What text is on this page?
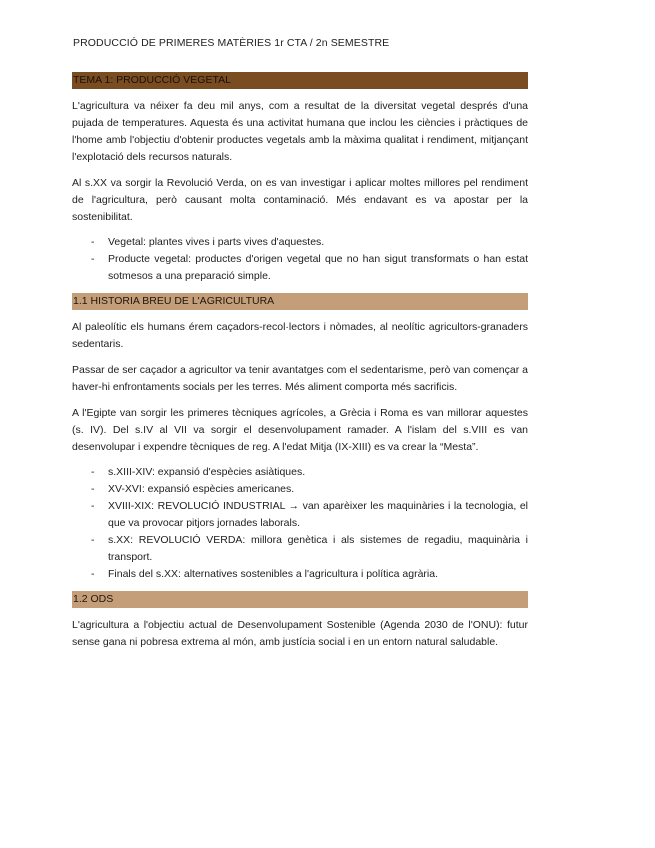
PRODUCCIÓ DE PRIMERES MATÈRIES 1r CTA / 2n SEMESTRE
TEMA 1: PRODUCCIÓ VEGETAL

L'agricultura va néixer fa deu mil anys, com a resultat de la diversitat vegetal després d'una pujada de temperatures. Aquesta és una activitat humana que inclou les ciències i pràctiques de l'home amb l'objectiu d'obtenir productes vegetals amb la màxima qualitat i rendiment, mitjançant l'explotació dels recursos naturals.

Al s.XX va sorgir la Revolució Verda, on es van investigar i aplicar moltes millores pel rendiment de l'agricultura, però causant molta contaminació. Més endavant es va apostar per la sostenibilitat.

- Vegetal: plantes vives i parts vives d'aquestes.
- Producte vegetal: productes d'origen vegetal que no han sigut transformats o han estat sotmesos a una preparació simple.
1.1 HISTORIA BREU DE L'AGRICULTURA

Al paleolític els humans érem caçadors-recol·lectors i nòmades, al neolític agricultors-granaders sedentaris.

Passar de ser caçador a agricultor va tenir avantatges com el sedentarisme, però van començar a haver-hi enfrontaments socials per les terres. Més aliment comporta més sacrificis.

A l'Egipte van sorgir les primeres tècniques agrícoles, a Grècia i Roma es van millorar aquestes (s. IV). Del s.IV al VII va sorgir el desenvolupament ramader. A l'islam del s.VIII es van desenvolupar i expendre tècniques de reg. A l'edat Mitja (IX-XIII) es va crear la “Mesta”.

- s.XIII-XIV: expansió d'espècies asiàtiques.
- XV-XVI: expansió espècies americanes.
- XVIII-XIX: REVOLUCIÓ INDUSTRIAL → van aparèixer les maquinàries i la tecnologia, el que va provocar pitjors jornades laborals.
- s.XX: REVOLUCIÓ VERDA: millora genètica i als sistemes de regadiu, maquinària i transport.
- Finals del s.XX: alternatives sostenibles a l'agricultura i política agrària.
1.2 ODS

L'agricultura a l'objectiu actual de Desenvolupament Sostenible (Agenda 2030 de l'ONU): futur sense gana ni pobresa extrema al món, amb justícia social i en un entorn natural saludable.
